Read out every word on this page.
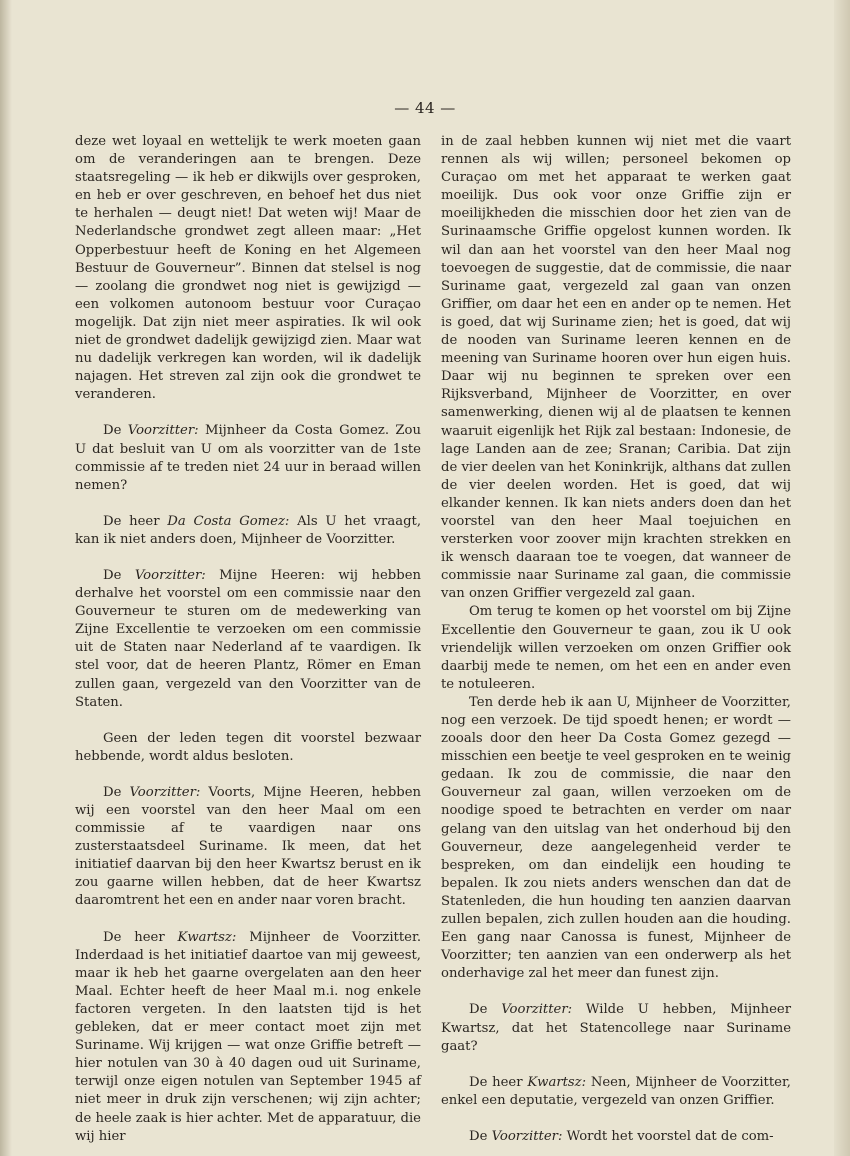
— 44 —

deze wet loyaal en wettelijk te werk moeten gaan om de veranderingen aan te brengen. Deze staatsregeling — ik heb er dikwijls over gesproken, en heb er over geschreven, en behoef het dus niet te herhalen — deugt niet! Dat weten wij! Maar de Nederlandsche grondwet zegt alleen maar: „Het Opperbestuur heeft de Koning en het Algemeen Bestuur de Gouverneur”. Binnen dat stelsel is nog — zoolang die grondwet nog niet is gewijzigd — een volkomen autonoom bestuur voor Curaçao mogelijk. Dat zijn niet meer aspiraties. Ik wil ook niet de grondwet dadelijk gewijzigd zien. Maar wat nu dadelijk verkregen kan worden, wil ik dadelijk najagen. Het streven zal zijn ook die grondwet te veranderen.

De Voorzitter: Mijnheer da Costa Gomez. Zou U dat besluit van U om als voorzitter van de 1ste commissie af te treden niet 24 uur in beraad willen nemen?

De heer Da Costa Gomez: Als U het vraagt, kan ik niet anders doen, Mijnheer de Voorzitter.

De Voorzitter: Mijne Heeren: wij hebben derhalve het voorstel om een commissie naar den Gouverneur te sturen om de medewerking van Zijne Excellentie te verzoeken om een commissie uit de Staten naar Nederland af te vaardigen. Ik stel voor, dat de heeren Plantz, Römer en Eman zullen gaan, vergezeld van den Voorzitter van de Staten.

Geen der leden tegen dit voorstel bezwaar hebbende, wordt aldus besloten.

De Voorzitter: Voorts, Mijne Heeren, hebben wij een voorstel van den heer Maal om een commissie af te vaardigen naar ons zusterstaatsdeel Suriname. Ik meen, dat het initiatief daarvan bij den heer Kwartsz berust en ik zou gaarne willen hebben, dat de heer Kwartsz daaromtrent het een en ander naar voren bracht.

De heer Kwartsz: Mijnheer de Voorzitter. Inderdaad is het initiatief daartoe van mij geweest, maar ik heb het gaarne overgelaten aan den heer Maal. Echter heeft de heer Maal m.i. nog enkele factoren vergeten. In den laatsten tijd is het gebleken, dat er meer contact moet zijn met Suriname. Wij krijgen — wat onze Griffie betreft — hier notulen van 30 à 40 dagen oud uit Suriname, terwijl onze eigen notulen van September 1945 af niet meer in druk zijn verschenen; wij zijn achter; de heele zaak is hier achter. Met de apparatuur, die wij hier

in de zaal hebben kunnen wij niet met die vaart rennen als wij willen; personeel bekomen op Curaçao om met het apparaat te werken gaat moeilijk. Dus ook voor onze Griffie zijn er moeilijkheden die misschien door het zien van de Surinaamsche Griffie opgelost kunnen worden. Ik wil dan aan het voorstel van den heer Maal nog toevoegen de suggestie, dat de commissie, die naar Suriname gaat, vergezeld zal gaan van onzen Griffier, om daar het een en ander op te nemen. Het is goed, dat wij Suriname zien; het is goed, dat wij de nooden van Suriname leeren kennen en de meening van Suriname hooren over hun eigen huis. Daar wij nu beginnen te spreken over een Rijksverband, Mijnheer de Voorzitter, en over samenwerking, dienen wij al de plaatsen te kennen waaruit eigenlijk het Rijk zal bestaan: Indonesie, de lage Landen aan de zee; Sranan; Caribia. Dat zijn de vier deelen van het Koninkrijk, althans dat zullen de vier deelen worden. Het is goed, dat wij elkander kennen. Ik kan niets anders doen dan het voorstel van den heer Maal toejuichen en versterken voor zoover mijn krachten strekken en ik wensch daaraan toe te voegen, dat wanneer de commissie naar Suriname zal gaan, die commissie van onzen Griffier vergezeld zal gaan.

Om terug te komen op het voorstel om bij Zijne Excellentie den Gouverneur te gaan, zou ik U ook vriendelijk willen verzoeken om onzen Griffier ook daarbij mede te nemen, om het een en ander even te notuleeren.

Ten derde heb ik aan U, Mijnheer de Voorzitter, nog een verzoek. De tijd spoedt henen; er wordt — zooals door den heer Da Costa Gomez gezegd — misschien een beetje te veel gesproken en te weinig gedaan. Ik zou de commissie, die naar den Gouverneur zal gaan, willen verzoeken om de noodige spoed te betrachten en verder om naar gelang van den uitslag van het onderhoud bij den Gouverneur, deze aangelegenheid verder te bespreken, om dan eindelijk een houding te bepalen. Ik zou niets anders wenschen dan dat de Statenleden, die hun houding ten aanzien daarvan zullen bepalen, zich zullen houden aan die houding. Een gang naar Canossa is funest, Mijnheer de Voorzitter; ten aanzien van een onderwerp als het onderhavige zal het meer dan funest zijn.

De Voorzitter: Wilde U hebben, Mijnheer Kwartsz, dat het Statencollege naar Suriname gaat?

De heer Kwartsz: Neen, Mijnheer de Voorzitter, enkel een deputatie, vergezeld van onzen Griffier.

De Voorzitter: Wordt het voorstel dat de com-
